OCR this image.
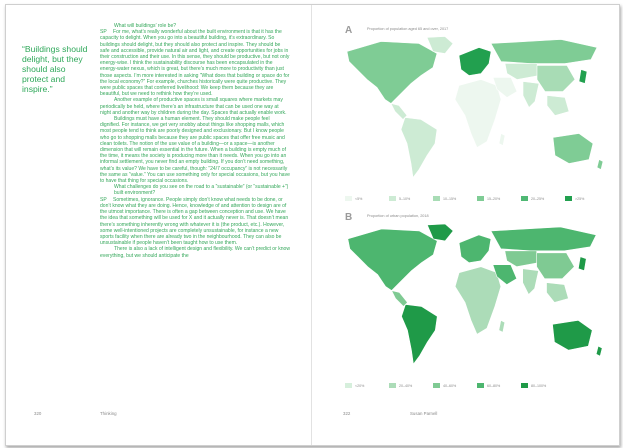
“Buildings should delight, but they should also protect and inspire.”

What will buildings’ role be?

SP For me, what’s really wonderful about the built environment is that it has the capacity to delight. When you go into a beautiful building, it’s extraordinary. So buildings should delight, but they should also protect and inspire. They should be safe and accessible, provide natural air and light, and create opportunities for jobs in their construction and their use. In this sense, they should be productive, but not only energy-wise. I think the sustainability discourse has been encapsulated in the energy-water nexus, which is great, but there’s much more to productivity than just those aspects. I’m more interested in asking “What does that building or space do for the local economy?” For example, churches historically were quite productive. They were public spaces that conferred livelihood: We keep them because they are beautiful, but we need to rethink how they’re used.

Another example of productive spaces is small squares where markets may periodically be held, where there’s an infrastructure that can be used one way at night and another way by children during the day. Spaces that actually enable work.

Buildings must have a human element. They should make people feel dignified. For instance, we get very snobby about things like shopping malls, which most people tend to think are poorly designed and exclusionary. But I know people who go to shopping malls because they are public spaces that offer free music and clean toilets. The notion of the use value of a building—or a space—is another dimension that will remain essential in the future. When a building is empty much of the time, it means the society is producing more than it needs. When you go into an informal settlement, you never find an empty building. If you don’t need something, what’s its value? We have to be careful, though: “24/7 occupancy” is not necessarily the same as “value.” You can use something only for special occasions, but you have to have that thing for special occasions.

What challenges do you see on the road to a “sustainable” (or “sustainable +”) built environment?

SP Sometimes, ignorance. People simply don’t know what needs to be done, or don’t know what they are doing. Hence, knowledge of and attention to design are of the utmost importance. There is often a gap between conception and use. We have the idea that something will be used for X and it actually never is. That doesn’t mean there’s something inherently wrong with whatever it is (the product, etc.). However, some well-intentioned projects are completely unsustainable, for instance a new sports facility when there are already two in the neighbourhood. They can also be unsustainable if people haven’t been taught how to use them.

There is also a lack of intelligent design and flexibility. We can’t predict or know everything, but we should anticipate the

320	Thinking
A	Proportion of population aged 65 and over, 2017
<5%	5–10%	10–15%	15–20%	20–25%	>25%
B	Proportion of urban population, 2018
<20%	20–40%	40–60%	60–80%	80–100%
322	Susan Parnell
